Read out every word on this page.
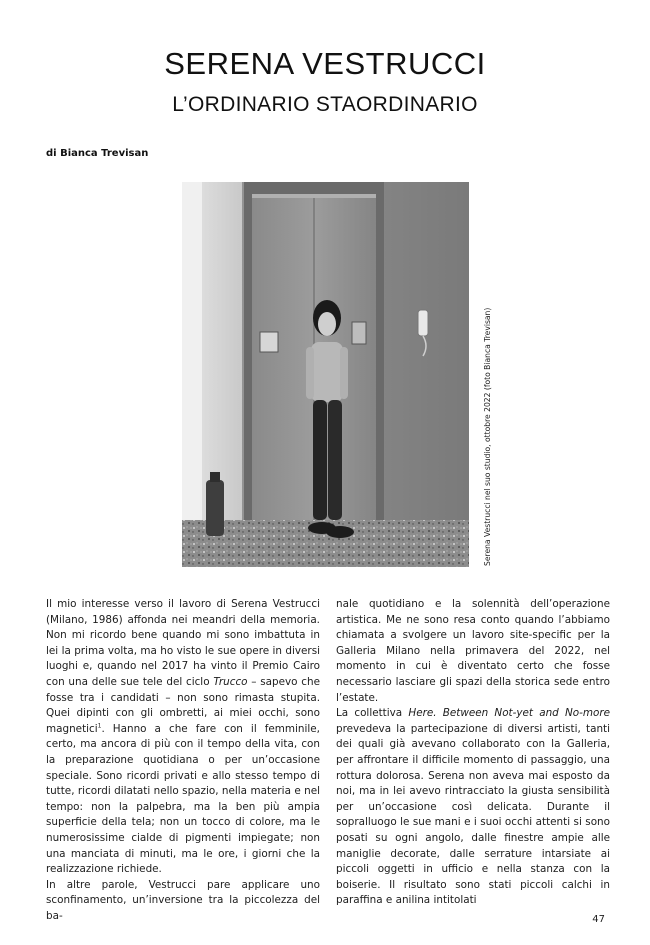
SERENA VESTRUCCI
L’ORDINARIO STAORDINARIO
di Bianca Trevisan
Serena Vestrucci nel suo studio, ottobre 2022 (foto Bianca Trevisan)

Il mio interesse verso il lavoro di Serena Vestrucci (Milano, 1986) affonda nei meandri della memoria. Non mi ricordo bene quando mi sono imbattuta in lei la prima volta, ma ho visto le sue opere in diversi luoghi e, quando nel 2017 ha vinto il Premio Cairo con una delle sue tele del ciclo Trucco – sapevo che fosse tra i candidati – non sono rimasta stupita. Quei dipinti con gli ombretti, ai miei occhi, sono magnetici$^1$. Hanno a che fare con il femminile, certo, ma ancora di più con il tempo della vita, con la preparazione quotidiana o per un’occasione speciale. Sono ricordi privati e allo stesso tempo di tutte, ricordi dilatati nello spazio, nella materia e nel tempo: non la palpebra, ma la ben più ampia superficie della tela; non un tocco di colore, ma le numerosissime cialde di pigmenti impiegate; non una manciata di minuti, ma le ore, i giorni che la realizzazione richiede.

In altre parole, Vestrucci pare applicare uno sconfinamento, un’inversione tra la piccolezza del ba-

nale quotidiano e la solennità dell’operazione artistica. Me ne sono resa conto quando l’abbiamo chiamata a svolgere un lavoro site-specific per la Galleria Milano nella primavera del 2022, nel momento in cui è diventato certo che fosse necessario lasciare gli spazi della storica sede entro l’estate.

La collettiva Here. Between Not-yet and No-more prevedeva la partecipazione di diversi artisti, tanti dei quali già avevano collaborato con la Galleria, per affrontare il difficile momento di passaggio, una rottura dolorosa. Serena non aveva mai esposto da noi, ma in lei avevo rintracciato la giusta sensibilità per un’occasione così delicata. Durante il sopralluogo le sue mani e i suoi occhi attenti si sono posati su ogni angolo, dalle finestre ampie alle maniglie decorate, dalle serrature intarsiate ai piccoli oggetti in ufficio e nella stanza con la boiserie. Il risultato sono stati piccoli calchi in paraffina e anilina intitolati

47
